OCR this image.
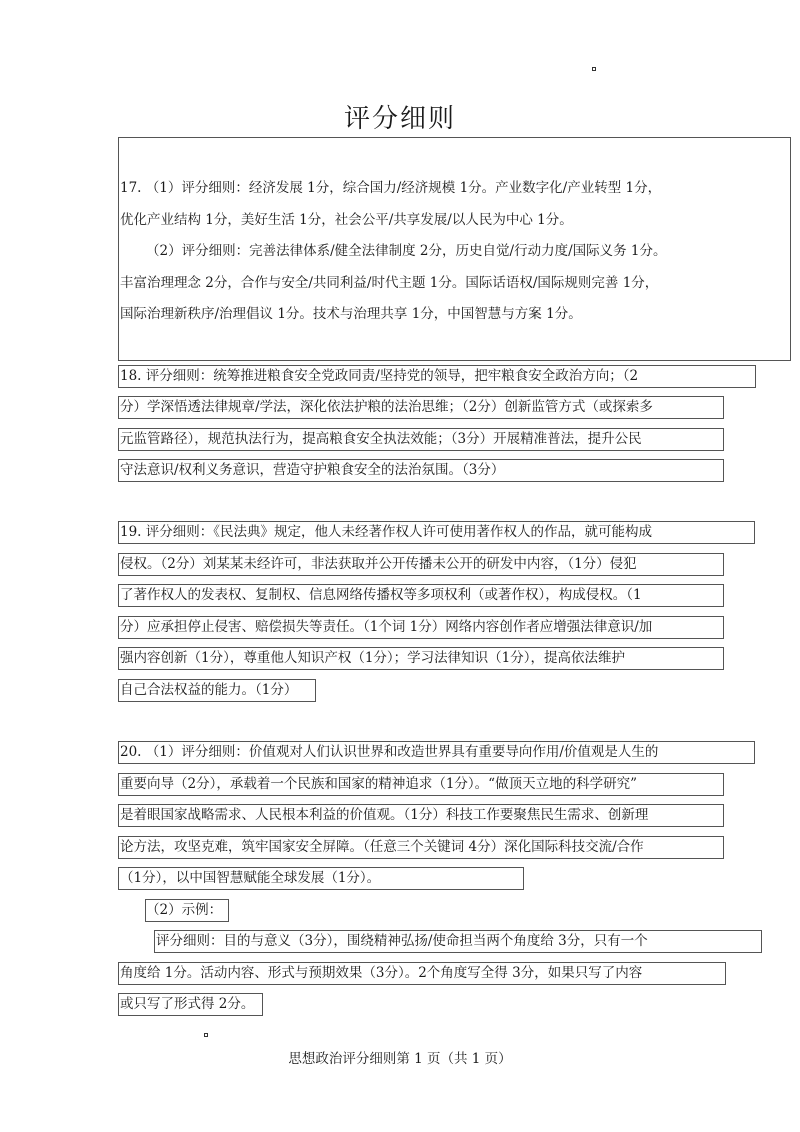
评分细则
17. （1）评分细则：经济发展 1分，综合国力/经济规模 1分。产业数字化/产业转型 1分，
优化产业结构 1分，美好生活 1分，社会公平/共享发展/以人民为中心 1分。
（2）评分细则：完善法律体系/健全法律制度 2分，历史自觉/行动力度/国际义务 1分。
丰富治理理念 2分，合作与安全/共同利益/时代主题 1分。国际话语权/国际规则完善 1分，
国际治理新秩序/治理倡议 1分。技术与治理共享 1分，中国智慧与方案 1分。
18. 评分细则：统筹推进粮食安全党政同责/坚持党的领导，把牢粮食安全政治方向；（2
分）学深悟透法律规章/学法，深化依法护粮的法治思维；（2分）创新监管方式（或探索多
元监管路径），规范执法行为，提高粮食安全执法效能；（3分）开展精准普法，提升公民
守法意识/权利义务意识，营造守护粮食安全的法治氛围。（3分）
19. 评分细则：《民法典》规定，他人未经著作权人许可使用著作权人的作品，就可能构成
侵权。（2分）刘某某未经许可，非法获取并公开传播未公开的研发中内容，（1分）侵犯
了著作权人的发表权、复制权、信息网络传播权等多项权利（或著作权），构成侵权。（1
分）应承担停止侵害、赔偿损失等责任。（1个词 1分）网络内容创作者应增强法律意识/加
强内容创新（1分），尊重他人知识产权（1分）；学习法律知识（1分），提高依法维护
自己合法权益的能力。（1分）
20. （1）评分细则：价值观对人们认识世界和改造世界具有重要导向作用/价值观是人生的
重要向导（2分），承载着一个民族和国家的精神追求（1分）。“做顶天立地的科学研究”
是着眼国家战略需求、人民根本利益的价值观。（1分）科技工作要聚焦民生需求、创新理
论方法，攻坚克难，筑牢国家安全屏障。（任意三个关键词 4分）深化国际科技交流/合作
（1分），以中国智慧赋能全球发展（1分）。
（2）示例：
评分细则：目的与意义（3分），围绕精神弘扬/使命担当两个角度给 3分，只有一个
角度给 1分。活动内容、形式与预期效果（3分）。2个角度写全得 3分，如果只写了内容
或只写了形式得 2分。
思想政治评分细则第 1 页（共 1 页）
